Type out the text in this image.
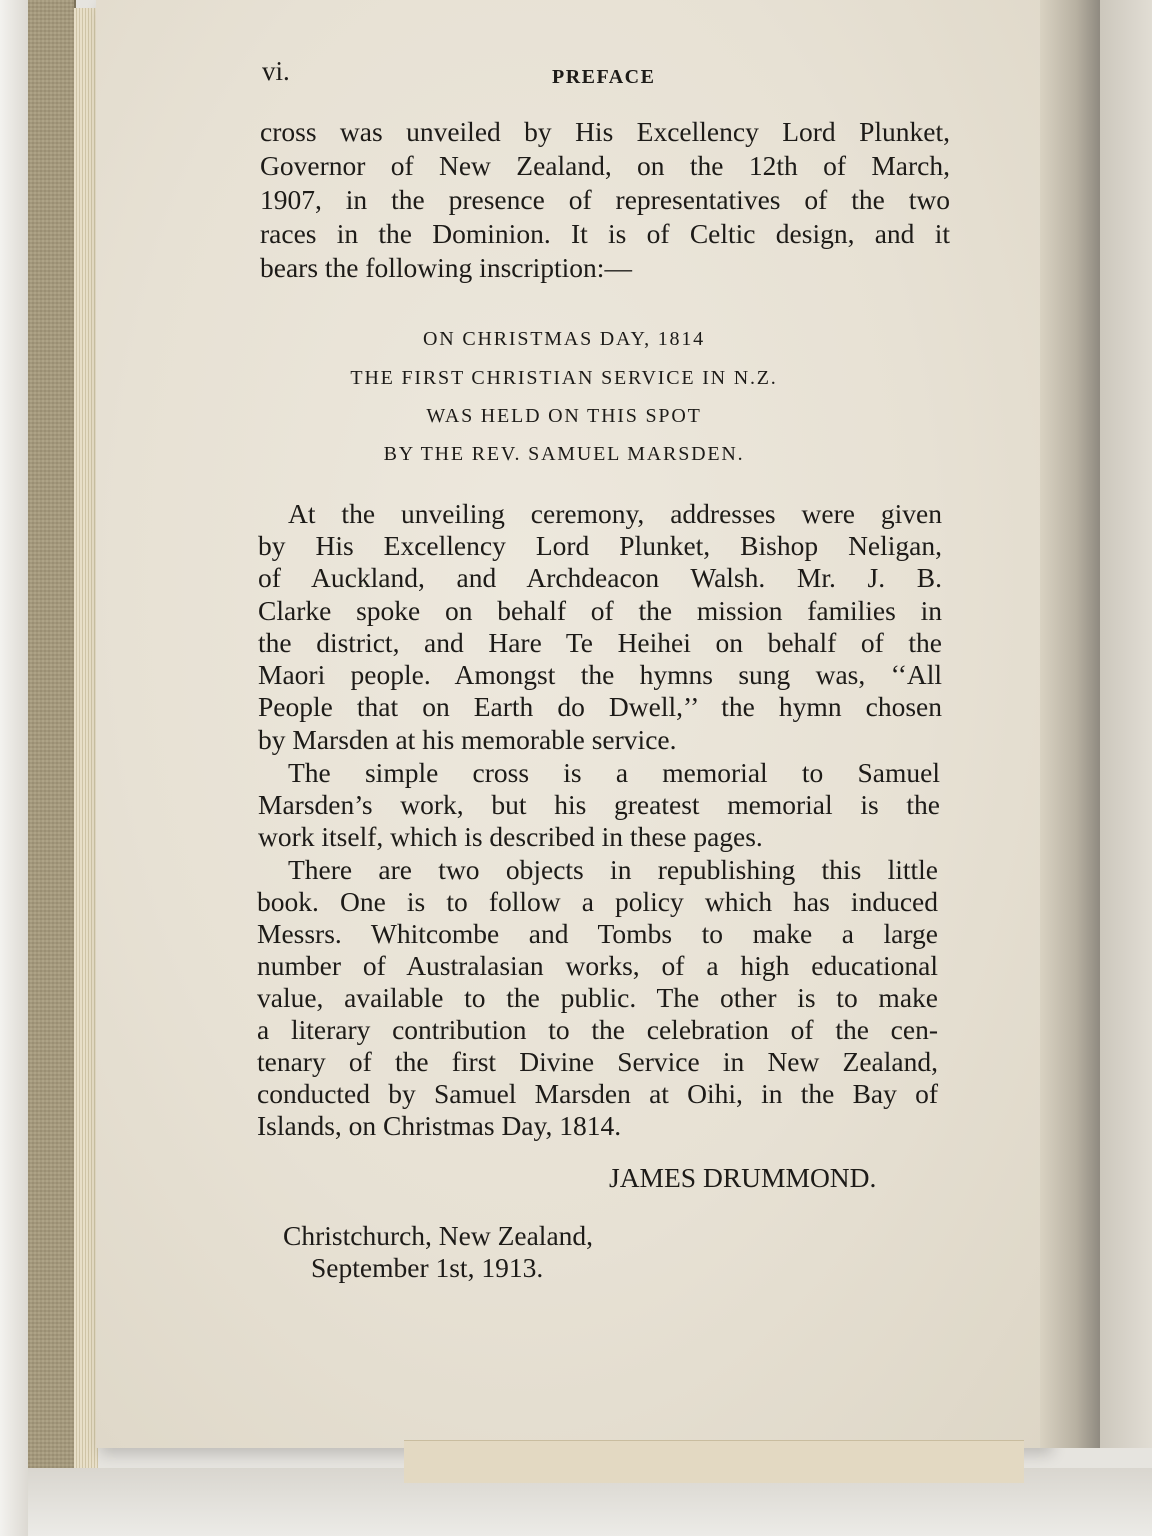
vi.	PREFACE
cross was unveiled by His Excellency Lord Plunket,
Governor of New Zealand, on the 12th of March,
1907, in the presence of representatives of the two
races in the Dominion. It is of Celtic design, and it
bears the following inscription:—
ON CHRISTMAS DAY, 1814
THE FIRST CHRISTIAN SERVICE IN N.Z.
WAS HELD ON THIS SPOT
BY THE REV. SAMUEL MARSDEN.
At the unveiling ceremony, addresses were given
by His Excellency Lord Plunket, Bishop Neligan,
of Auckland, and Archdeacon Walsh. Mr. J. B.
Clarke spoke on behalf of the mission families in
the district, and Hare Te Heihei on behalf of the
Maori people. Amongst the hymns sung was, ‘‘All
People that on Earth do Dwell,’’ the hymn chosen
by Marsden at his memorable service.
The simple cross is a memorial to Samuel
Marsden’s work, but his greatest memorial is the
work itself, which is described in these pages.
There are two objects in republishing this little
book. One is to follow a policy which has induced
Messrs. Whitcombe and Tombs to make a large
number of Australasian works, of a high educational
value, available to the public. The other is to make
a literary contribution to the celebration of the cen-
tenary of the first Divine Service in New Zealand,
conducted by Samuel Marsden at Oihi, in the Bay of
Islands, on Christmas Day, 1814.
JAMES DRUMMOND.
Christchurch, New Zealand,
September 1st, 1913.
